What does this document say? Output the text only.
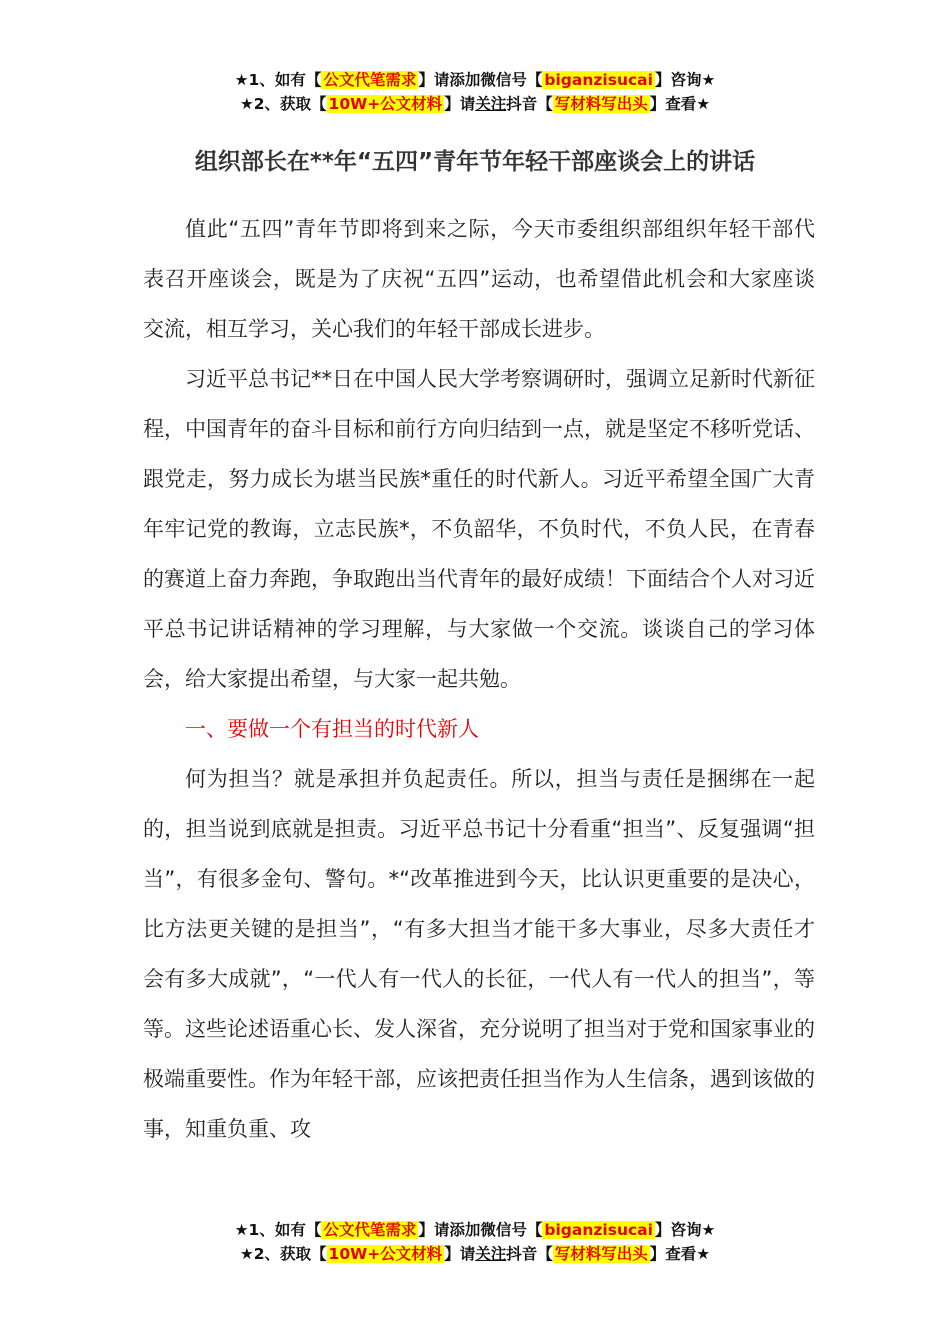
★1、如有【 公文代笔需求 】请添加微信号【 biganzisucai 】咨询★
★2、获取【 10W+公文材料 】请关注抖音【 写材料写出头 】查看★
组织部长在**年“五四”青年节年轻干部座谈会上的讲话

值此“五四”青年节即将到来之际，今天市委组织部组织年轻干部代表召开座谈会，既是为了庆祝“五四”运动，也希望借此机会和大家座谈交流，相互学习，关心我们的年轻干部成长进步。

习近平总书记**日在中国人民大学考察调研时，强调立足新时代新征程，中国青年的奋斗目标和前行方向归结到一点，就是坚定不移听党话、跟党走，努力成长为堪当民族*重任的时代新人。习近平希望全国广大青年牢记党的教诲，立志民族*，不负韶华，不负时代，不负人民，在青春的赛道上奋力奔跑，争取跑出当代青年的最好成绩！下面结合个人对习近平总书记讲话精神的学习理解，与大家做一个交流。谈谈自己的学习体会，给大家提出希望，与大家一起共勉。

一、要做一个有担当的时代新人

何为担当？就是承担并负起责任。所以，担当与责任是捆绑在一起的，担当说到底就是担责。习近平总书记十分看重“担当”、反复强调“担当”，有很多金句、警句。*“改革推进到今天，比认识更重要的是决心，比方法更关键的是担当”，“有多大担当才能干多大事业，尽多大责任才会有多大成就”，“一代人有一代人的长征，一代人有一代人的担当”，等等。这些论述语重心长、发人深省，充分说明了担当对于党和国家事业的极端重要性。作为年轻干部，应该把责任担当作为人生信条，遇到该做的事，知重负重、攻

★1、如有【 公文代笔需求 】请添加微信号【 biganzisucai 】咨询★
★2、获取【 10W+公文材料 】请关注抖音【 写材料写出头 】查看★
